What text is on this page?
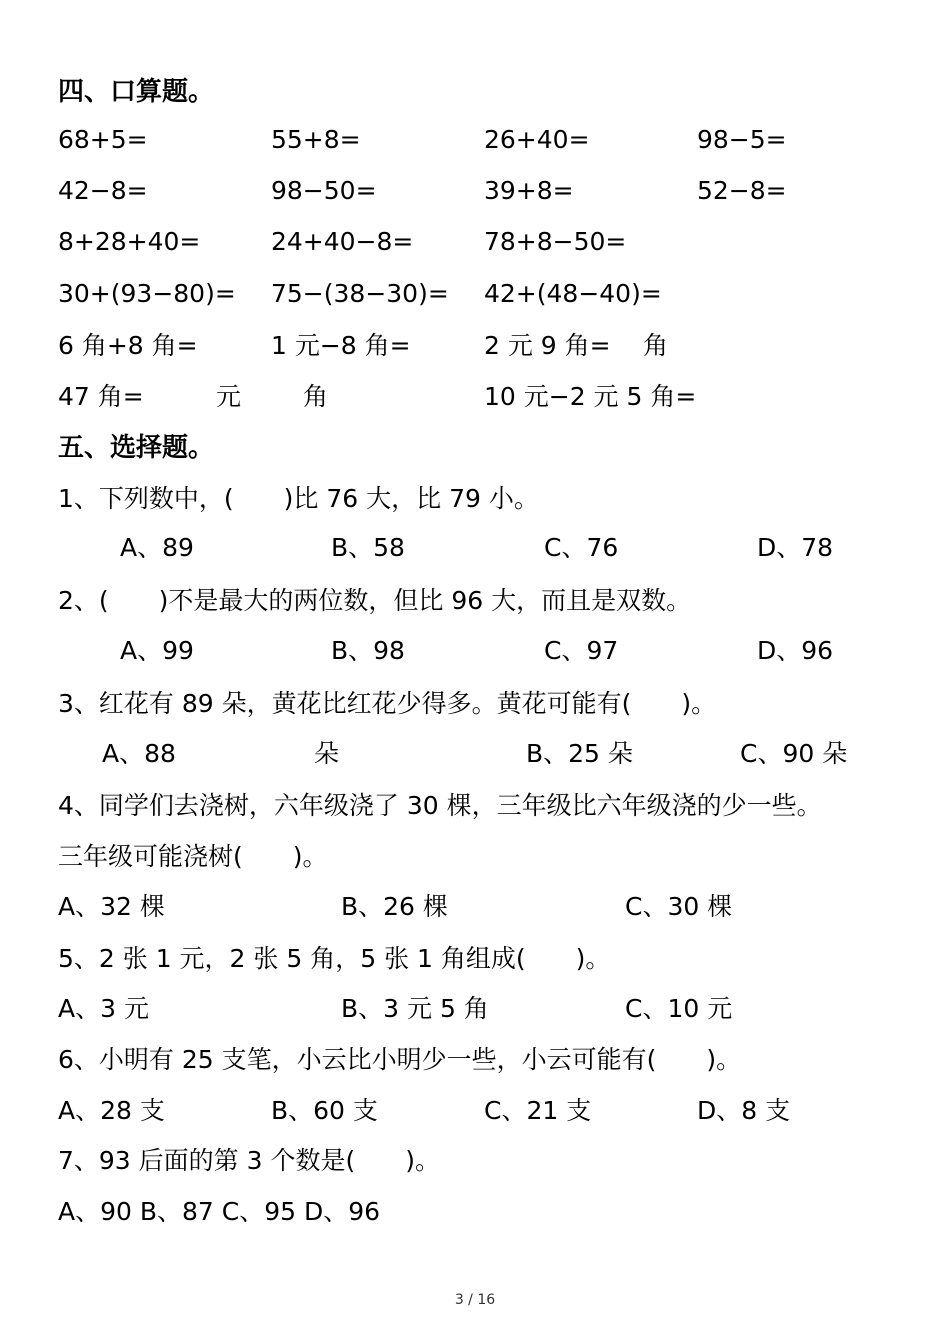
四、口算题。
68+5=	55+8=	26+40=	98−5=
42−8=	98−50=	39+8=	52−8=
8+28+40=	24+40−8=	78+8−50=
30+(93−80)= 75−(38−30)= 42+(48−40)=
6 角+8 角=	1 元−8 角=	2 元 9 角= 角
47 角=	元 角	10 元−2 元 5 角=
五、选择题。
1、下列数中，(　　)比 76 大，比 79 小。
A、89	B、58	C、76	D、78
2、(　　)不是最大的两位数，但比 96 大，而且是双数。
A、99	B、98	C、97	D、96
3、红花有 89 朵，黄花比红花少得多。黄花可能有(　　)。
A、88	朵	B、25 朵	C、90 朵
4、同学们去浇树，六年级浇了 30 棵，三年级比六年级浇的少一些。
三年级可能浇树(　　)。
A、32 棵	B、26 棵	C、30 棵
5、2 张 1 元，2 张 5 角，5 张 1 角组成(　　)。
A、3 元	B、3 元 5 角	C、10 元
6、小明有 25 支笔，小云比小明少一些，小云可能有(　　)。
A、28 支	B、60 支	C、21 支	D、8 支
7、93 后面的第 3 个数是(　　)。
A、90 B、87 C、95 D、96
3 / 16
